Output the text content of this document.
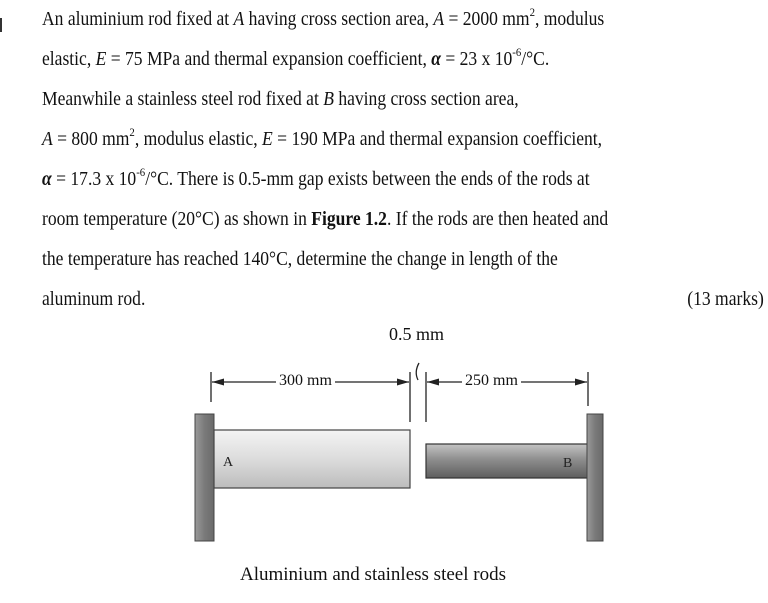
An aluminium rod fixed at A having cross section area, A = 2000 $mm^2$, modulus
elastic, E = 75 MPa and thermal expansion coefficient, α = 23 x $10^{-6}/^\circ C$.
Meanwhile a stainless steel rod fixed at B having cross section area,
A = 800 $mm^2$, modulus elastic, E = 190 MPa and thermal expansion coefficient,
α = 17.3 x $10^{-6}/^\circ C$. There is 0.5-mm gap exists between the ends of the rods at
room temperature (20°C) as shown in Figure 1.2. If the rods are then heated and
the temperature has reached 140°C, determine the change in length of the
aluminum rod.	(13 marks)
0.5 mm
300 mm	250 mm
A	B
Aluminium and stainless steel rods
